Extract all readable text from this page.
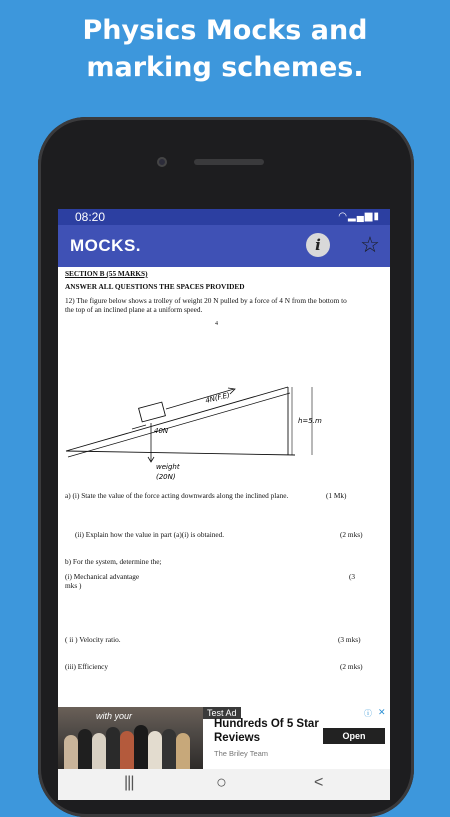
Physics Mocks and
marking schemes.
08:20	◠▂▄▆▮
MOCKS.	i	☆
SECTION B (55 MARKS)
ANSWER ALL QUESTIONS THE SPACES PROVIDED
12) The figure below shows a trolley of weight 20 N pulled by a force of 4 N from the bottom to
the top of an inclined plane at a uniform speed.
4
4N(F.E)
40N
h=5.m
weight
(20N)
a) (i) State the value of the force acting downwards along the inclined plane.	(1 Mk)
(ii) Explain how the value in part (a)(i) is obtained.	(2 mks)
b) For the system, determine the;
(i) Mechanical advantage	(3
mks )
( ii ) Velocity ratio.	(3 mks)
(iii) Efficiency	(2 mks)
with your	Test Ad	ⓘ ✕
Hundreds Of 5 Star Reviews
The Briley Team
Open
|||	○	<
